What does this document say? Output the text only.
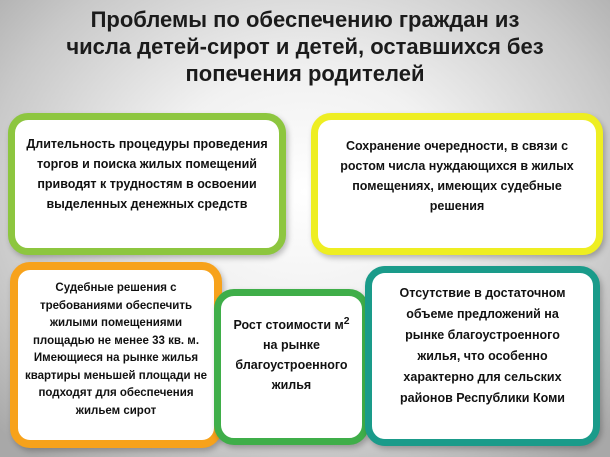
Проблемы по обеспечению граждан из
числа детей-сирот и детей, оставшихся без
попечения родителей
Длительность процедуры проведения
торгов и поиска жилых помещений
приводят к трудностям в освоении
выделенных денежных средств
Сохранение очередности, в связи с
ростом числа нуждающихся в жилых
помещениях, имеющих судебные
решения
Судебные решения с
требованиями обеспечить
жилыми помещениями
площадью не менее 33 кв. м.
Имеющиеся на рынке жилья
квартиры меньшей площади не
подходят для обеспечения
жильем сирот
Рост стоимости $м^2$
на рынке
благоустроенного
жилья
Отсутствие в достаточном
объеме предложений на
рынке благоустроенного
жилья, что особенно
характерно для сельских
районов Республики Коми
